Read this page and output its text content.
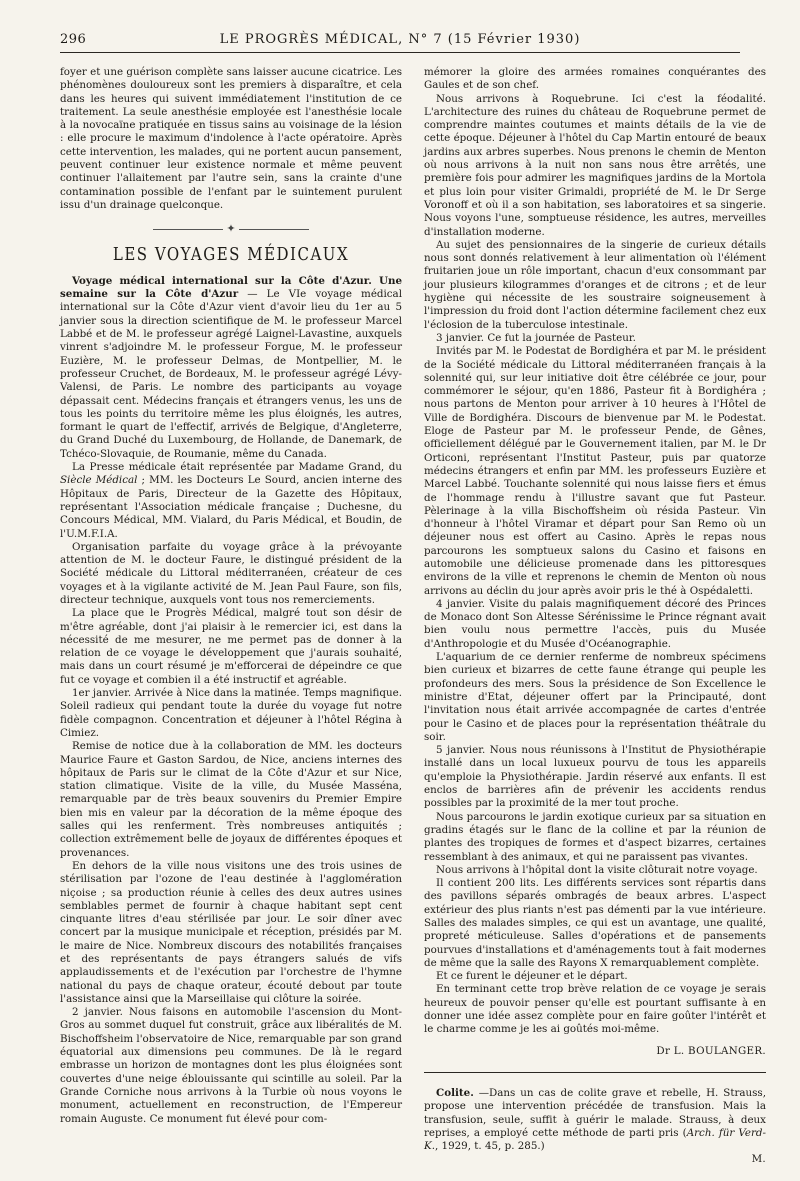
296	LE PROGRÈS MÉDICAL, N° 7 (15 Février 1930)

foyer et une guérison complète sans laisser aucune cicatrice. Les phénomènes douloureux sont les premiers à disparaître, et cela dans les heures qui suivent immédiatement l'institution de ce traitement. La seule anesthésie employée est l'anesthésie locale à la novocaïne pratiquée en tissus sains au voisinage de la lésion : elle procure le maximum d'indolence à l'acte opératoire. Après cette intervention, les malades, qui ne portent aucun pansement, peuvent continuer leur existence normale et même peuvent continuer l'allaitement par l'autre sein, sans la crainte d'une contamination possible de l'enfant par le suintement purulent issu d'un drainage quelconque.

✦
LES VOYAGES MÉDICAUX

Voyage médical international sur la Côte d'Azur. Une semaine sur la Côte d'Azur — Le VIe voyage médical international sur la Côte d'Azur vient d'avoir lieu du 1er au 5 janvier sous la direction scientifique de M. le professeur Marcel Labbé et de M. le professeur agrégé Laignel-Lavastine, auxquels vinrent s'adjoindre M. le professeur Forgue, M. le professeur Euzière, M. le professeur Delmas, de Montpellier, M. le professeur Cruchet, de Bordeaux, M. le professeur agrégé Lévy-Valensi, de Paris. Le nombre des participants au voyage dépassait cent. Médecins français et étrangers venus, les uns de tous les points du territoire même les plus éloignés, les autres, formant le quart de l'effectif, arrivés de Belgique, d'Angleterre, du Grand Duché du Luxembourg, de Hollande, de Danemark, de Tchéco-Slovaquie, de Roumanie, même du Canada.

La Presse médicale était représentée par Madame Grand, du Siècle Médical ; MM. les Docteurs Le Sourd, ancien interne des Hôpitaux de Paris, Directeur de la Gazette des Hôpitaux, représentant l'Association médicale française ; Duchesne, du Concours Médical, MM. Vialard, du Paris Médical, et Boudin, de l'U.M.F.I.A.

Organisation parfaite du voyage grâce à la prévoyante attention de M. le docteur Faure, le distingué président de la Société médicale du Littoral méditerranéen, créateur de ces voyages et à la vigilante activité de M. Jean Paul Faure, son fils, directeur technique, auxquels vont tous nos remerciements.

La place que le Progrès Médical, malgré tout son désir de m'être agréable, dont j'ai plaisir à le remercier ici, est dans la nécessité de me mesurer, ne me permet pas de donner à la relation de ce voyage le développement que j'aurais souhaité, mais dans un court résumé je m'efforcerai de dépeindre ce que fut ce voyage et combien il a été instructif et agréable.

1er janvier. Arrivée à Nice dans la matinée. Temps magnifique. Soleil radieux qui pendant toute la durée du voyage fut notre fidèle compagnon. Concentration et déjeuner à l'hôtel Régina à Cimiez.

Remise de notice due à la collaboration de MM. les docteurs Maurice Faure et Gaston Sardou, de Nice, anciens internes des hôpitaux de Paris sur le climat de la Côte d'Azur et sur Nice, station climatique. Visite de la ville, du Musée Masséna, remarquable par de très beaux souvenirs du Premier Empire bien mis en valeur par la décoration de la même époque des salles qui les renferment. Très nombreuses antiquités ; collection extrêmement belle de joyaux de différentes époques et provenances.

En dehors de la ville nous visitons une des trois usines de stérilisation par l'ozone de l'eau destinée à l'agglomération niçoise ; sa production réunie à celles des deux autres usines semblables permet de fournir à chaque habitant sept cent cinquante litres d'eau stérilisée par jour. Le soir dîner avec concert par la musique municipale et réception, présidés par M. le maire de Nice. Nombreux discours des notabilités françaises et des représentants de pays étrangers salués de vifs applaudissements et de l'exécution par l'orchestre de l'hymne national du pays de chaque orateur, écouté debout par toute l'assistance ainsi que la Marseillaise qui clôture la soirée.

2 janvier. Nous faisons en automobile l'ascension du Mont-Gros au sommet duquel fut construit, grâce aux libéralités de M. Bischoffsheim l'observatoire de Nice, remarquable par son grand équatorial aux dimensions peu communes. De là le regard embrasse un horizon de montagnes dont les plus éloignées sont couvertes d'une neige éblouissante qui scintille au soleil. Par la Grande Corniche nous arrivons à la Turbie où nous voyons le monument, actuellement en reconstruction, de l'Empereur romain Auguste. Ce monument fut élevé pour com-

mémorer la gloire des armées romaines conquérantes des Gaules et de son chef.

Nous arrivons à Roquebrune. Ici c'est la féodalité. L'architecture des ruines du château de Roquebrune permet de comprendre maintes coutumes et maints détails de la vie de cette époque. Déjeuner à l'hôtel du Cap Martin entouré de beaux jardins aux arbres superbes. Nous prenons le chemin de Menton où nous arrivons à la nuit non sans nous être arrêtés, une première fois pour admirer les magnifiques jardins de la Mortola et plus loin pour visiter Grimaldi, propriété de M. le Dr Serge Voronoff et où il a son habitation, ses laboratoires et sa singerie. Nous voyons l'une, somptueuse résidence, les autres, merveilles d'installation moderne.

Au sujet des pensionnaires de la singerie de curieux détails nous sont donnés relativement à leur alimentation où l'élément fruitarien joue un rôle important, chacun d'eux consommant par jour plusieurs kilogrammes d'oranges et de citrons ; et de leur hygiène qui nécessite de les soustraire soigneusement à l'impression du froid dont l'action détermine facilement chez eux l'éclosion de la tuberculose intestinale.

3 janvier. Ce fut la journée de Pasteur.

Invités par M. le Podestat de Bordighéra et par M. le président de la Société médicale du Littoral méditerranéen français à la solennité qui, sur leur initiative doit être célébrée ce jour, pour commémorer le séjour, qu'en 1886, Pasteur fit à Bordighéra ; nous partons de Menton pour arriver à 10 heures à l'Hôtel de Ville de Bordighéra. Discours de bienvenue par M. le Podestat. Eloge de Pasteur par M. le professeur Pende, de Gênes, officiellement délégué par le Gouvernement italien, par M. le Dr Orticoni, représentant l'Institut Pasteur, puis par quatorze médecins étrangers et enfin par MM. les professeurs Euzière et Marcel Labbé. Touchante solennité qui nous laisse fiers et émus de l'hommage rendu à l'illustre savant que fut Pasteur. Pèlerinage à la villa Bischoffsheim où résida Pasteur. Vin d'honneur à l'hôtel Viramar et départ pour San Remo où un déjeuner nous est offert au Casino. Après le repas nous parcourons les somptueux salons du Casino et faisons en automobile une délicieuse promenade dans les pittoresques environs de la ville et reprenons le chemin de Menton où nous arrivons au déclin du jour après avoir pris le thé à Ospédaletti.

4 janvier. Visite du palais magnifiquement décoré des Princes de Monaco dont Son Altesse Sérénissime le Prince régnant avait bien voulu nous permettre l'accès, puis du Musée d'Anthropologie et du Musée d'Océanographie.

L'aquarium de ce dernier renferme de nombreux spécimens bien curieux et bizarres de cette faune étrange qui peuple les profondeurs des mers. Sous la présidence de Son Excellence le ministre d'Etat, déjeuner offert par la Principauté, dont l'invitation nous était arrivée accompagnée de cartes d'entrée pour le Casino et de places pour la représentation théâtrale du soir.

5 janvier. Nous nous réunissons à l'Institut de Physiothérapie installé dans un local luxueux pourvu de tous les appareils qu'emploie la Physiothérapie. Jardin réservé aux enfants. Il est enclos de barrières afin de prévenir les accidents rendus possibles par la proximité de la mer tout proche.

Nous parcourons le jardin exotique curieux par sa situation en gradins étagés sur le flanc de la colline et par la réunion de plantes des tropiques de formes et d'aspect bizarres, certaines ressemblant à des animaux, et qui ne paraissent pas vivantes.

Nous arrivons à l'hôpital dont la visite clôturait notre voyage.

Il contient 200 lits. Les différents services sont répartis dans des pavillons séparés ombragés de beaux arbres. L'aspect extérieur des plus riants n'est pas démenti par la vue intérieure. Salles des malades simples, ce qui est un avantage, une qualité, propreté méticuleuse. Salles d'opérations et de pansements pourvues d'installations et d'aménagements tout à fait modernes de même que la salle des Rayons X remarquablement complète.

Et ce furent le déjeuner et le départ.

En terminant cette trop brève relation de ce voyage je serais heureux de pouvoir penser qu'elle est pourtant suffisante à en donner une idée assez complète pour en faire goûter l'intérêt et le charme comme je les ai goûtés moi-même.

Dr L. BOULANGER.

Colite. —Dans un cas de colite grave et rebelle, H. Strauss, propose une intervention précédée de transfusion. Mais la transfusion, seule, suffit à guérir le malade. Strauss, à deux reprises, a employé cette méthode de parti pris (Arch. für Verd-K., 1929, t. 45, p. 285.)

M.
